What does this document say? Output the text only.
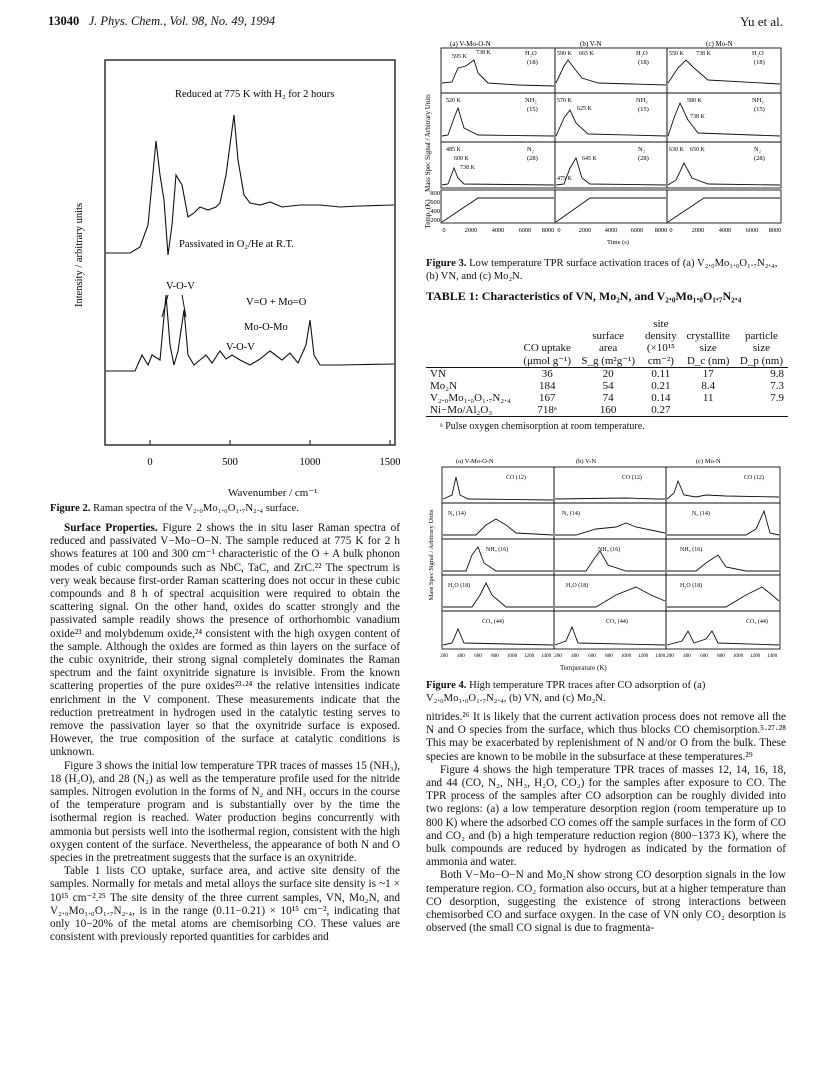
13040 J. Phys. Chem., Vol. 98, No. 49, 1994	Yu et al.
Intensity / arbitrary units
Reduced at 775 K with H₂ for 2 hours
Passivated in O₂/He at R.T.
V-O-V
V=O + Mo=O
Mo-O-Mo
V-O-V
0	500	1000	1500
Wavenumber / cm⁻¹
Figure 2. Raman spectra of the V₂.₀Mo₁.₀O₁.₇N₂.₄ surface.

Surface Properties. Figure 2 shows the in situ laser Raman spectra of reduced and passivated V−Mo−O−N. The sample reduced at 775 K for 2 h shows features at 100 and 300 cm⁻¹ characteristic of the O + A bulk phonon modes of cubic compounds such as NbC, TaC, and ZrC.²² The spectrum is very weak because first-order Raman scattering does not occur in these cubic compounds and 8 h of spectral acquisition were required to obtain the scattering signal. On the other hand, oxides do scatter strongly and the passivated sample readily shows the presence of orthorhombic vanadium oxide²³ and molybdenum oxide,²⁴ consistent with the high oxygen content of the sample. Although the oxides are formed as thin layers on the surface of the cubic oxynitride, their strong signal completely dominates the Raman spectrum and the faint oxynitride signature is invisible. From the known scattering properties of the pure oxides²³·²⁴ the relative intensities indicate enrichment in the V component. These measurements indicate that the reduction pretreatment in hydrogen used in the catalytic testing serves to remove the passivation layer so that the oxynitride surface is exposed. However, the true composition of the surface at catalytic conditions is unknown.

Figure 3 shows the initial low temperature TPR traces of masses 15 (NH₃), 18 (H₂O), and 28 (N₂) as well as the temperature profile used for the nitride samples. Nitrogen evolution in the forms of N₂ and NH₃ occurs in the course of the temperature program and is substantially over by the time the isothermal region is reached. Water production begins concurrently with ammonia but persists well into the isothermal region, consistent with the high oxygen content of the surface. Nevertheless, the appearance of both N and O species in the pretreatment suggests that the surface is an oxynitride.

Table 1 lists CO uptake, surface area, and active site density of the samples. Normally for metals and metal alloys the surface site density is ~1 × 10¹⁵ cm⁻².²⁵ The site density of the three current samples, VN, Mo₂N, and V₂.₀Mo₁.₀O₁.₇N₂.₄, is in the range (0.11−0.21) × 10¹⁵ cm⁻², indicating that only 10−20% of the metal atoms are chemisorbing CO. These values are consistent with previously reported quantities for carbides and

(a) V-Mo-O-N	(b) V-N	(c) Mo-N
Mass Spec Signal / Arbitrary Units
Temp. (K)
H₂O
(18)
H₂O
(18)
H₂O
(18)
NH₃
(15)
NH₃
(15)
NH₃
(15)
N₂
(28)
N₂
(28)
N₂
(28)
595 K
738 K	590 K 665 K	550 K 738 K
520 K	570 K
625 K
580 K
738 K
485 K
600 K
738 K
645 K
475 K
630 K 650 K
800
600
400
200
0	2000 4000 6000 8000 0	2000 4000 6000 8000 0	2000 4000 6000 8000
Time (s)
Figure 3. Low temperature TPR surface activation traces of (a) V₂.₀Mo₁.₀O₁.₇N₂.₄, (b) VN, and (c) Mo₂N.
TABLE 1: Characteristics of VN, Mo₂N, and V₂.₀Mo₁.₀O₁.₇N₂.₄
			site		
		surface	density	crystallite	particle
	CO uptake	area	(×10¹⁵	size	size
	(μmol g⁻¹)	S_g (m²g⁻¹)	cm⁻²)	D_c (nm)	D_p (nm)
VN	36	20	0.11	17	9.8
Mo₂N	184	54	0.21	8.4	7.3
V₂.₀Mo₁.₀O₁.₇N₂.₄	167	74	0.14	11	7.9
Ni−Mo/Al₂O₃	718ᵃ	160	0.27		
ᵃ Pulse oxygen chemisorption at room temperature.
(a) V-Mo-O-N	(b) V-N	(c) Mo-N
Mass Spec Signal / Arbitrary Units
CO (12)	CO (12)	CO (12)
N₂ (14)	N₂ (14)	N₂ (14)
NH₃ (16)	NH₃ (16)	NH₃ (16)
H₂O (18)	H₂O (18)	H₂O (18)
CO₂ (44)	CO₂ (44)	CO₂ (44)
200 400 600 800 1000 1200 1400 200 400 600 800 1000 1200 1400 200 400 600 800 1000 1200 1400
Temperature (K)
Figure 4. High temperature TPR traces after CO adsorption of (a) V₂.₀Mo₁.₀O₁.₇N₂.₄, (b) VN, and (c) Mo₂N.

nitrides.²⁶ It is likely that the current activation process does not remove all the N and O species from the surface, which thus blocks CO chemisorption.⁵·²⁷·²⁸ This may be exacerbated by replenishment of N and/or O from the bulk. These species are known to be mobile in the subsurface at these temperatures.²⁹

Figure 4 shows the high temperature TPR traces of masses 12, 14, 16, 18, and 44 (CO, N₂, NH₃, H₂O, CO₂) for the samples after exposure to CO. The TPR process of the samples after CO adsorption can be roughly divided into two regions: (a) a low temperature desorption region (room temperature up to 800 K) where the adsorbed CO comes off the sample surfaces in the form of CO and CO₂ and (b) a high temperature reduction region (800−1373 K), where the bulk compounds are reduced by hydrogen as indicated by the formation of ammonia and water.

Both V−Mo−O−N and Mo₂N show strong CO desorption signals in the low temperature region. CO₂ formation also occurs, but at a higher temperature than CO desorption, suggesting the existence of strong interactions between chemisorbed CO and surface oxygen. In the case of VN only CO₂ desorption is observed (the small CO signal is due to fragmenta-
